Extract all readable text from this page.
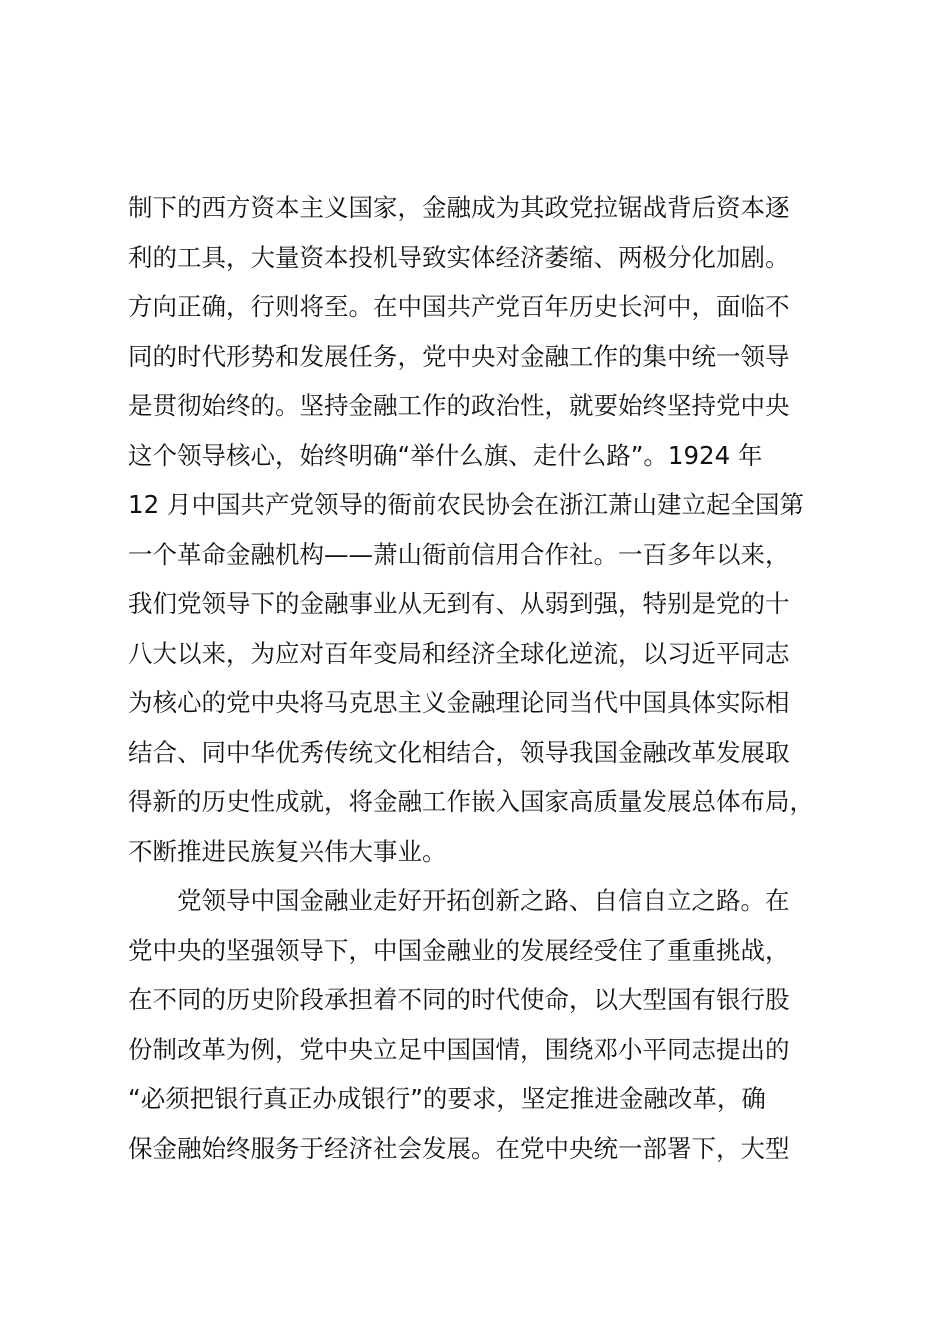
制下的西方资本主义国家，金融成为其政党拉锯战背后资本逐
利的工具，大量资本投机导致实体经济萎缩、两极分化加剧。
方向正确，行则将至。在中国共产党百年历史长河中，面临不
同的时代形势和发展任务，党中央对金融工作的集中统一领导
是贯彻始终的。坚持金融工作的政治性，就要始终坚持党中央
这个领导核心，始终明确“举什么旗、走什么路”。1924 年
12 月中国共产党领导的衙前农民协会在浙江萧山建立起全国第
一个革命金融机构——萧山衙前信用合作社。一百多年以来，
我们党领导下的金融事业从无到有、从弱到强，特别是党的十
八大以来，为应对百年变局和经济全球化逆流，以习近平同志
为核心的党中央将马克思主义金融理论同当代中国具体实际相
结合、同中华优秀传统文化相结合，领导我国金融改革发展取
得新的历史性成就，将金融工作嵌入国家高质量发展总体布局，
不断推进民族复兴伟大事业。
党领导中国金融业走好开拓创新之路、自信自立之路。在
党中央的坚强领导下，中国金融业的发展经受住了重重挑战，
在不同的历史阶段承担着不同的时代使命，以大型国有银行股
份制改革为例，党中央立足中国国情，围绕邓小平同志提出的
“必须把银行真正办成银行”的要求，坚定推进金融改革，确
保金融始终服务于经济社会发展。在党中央统一部署下，大型
